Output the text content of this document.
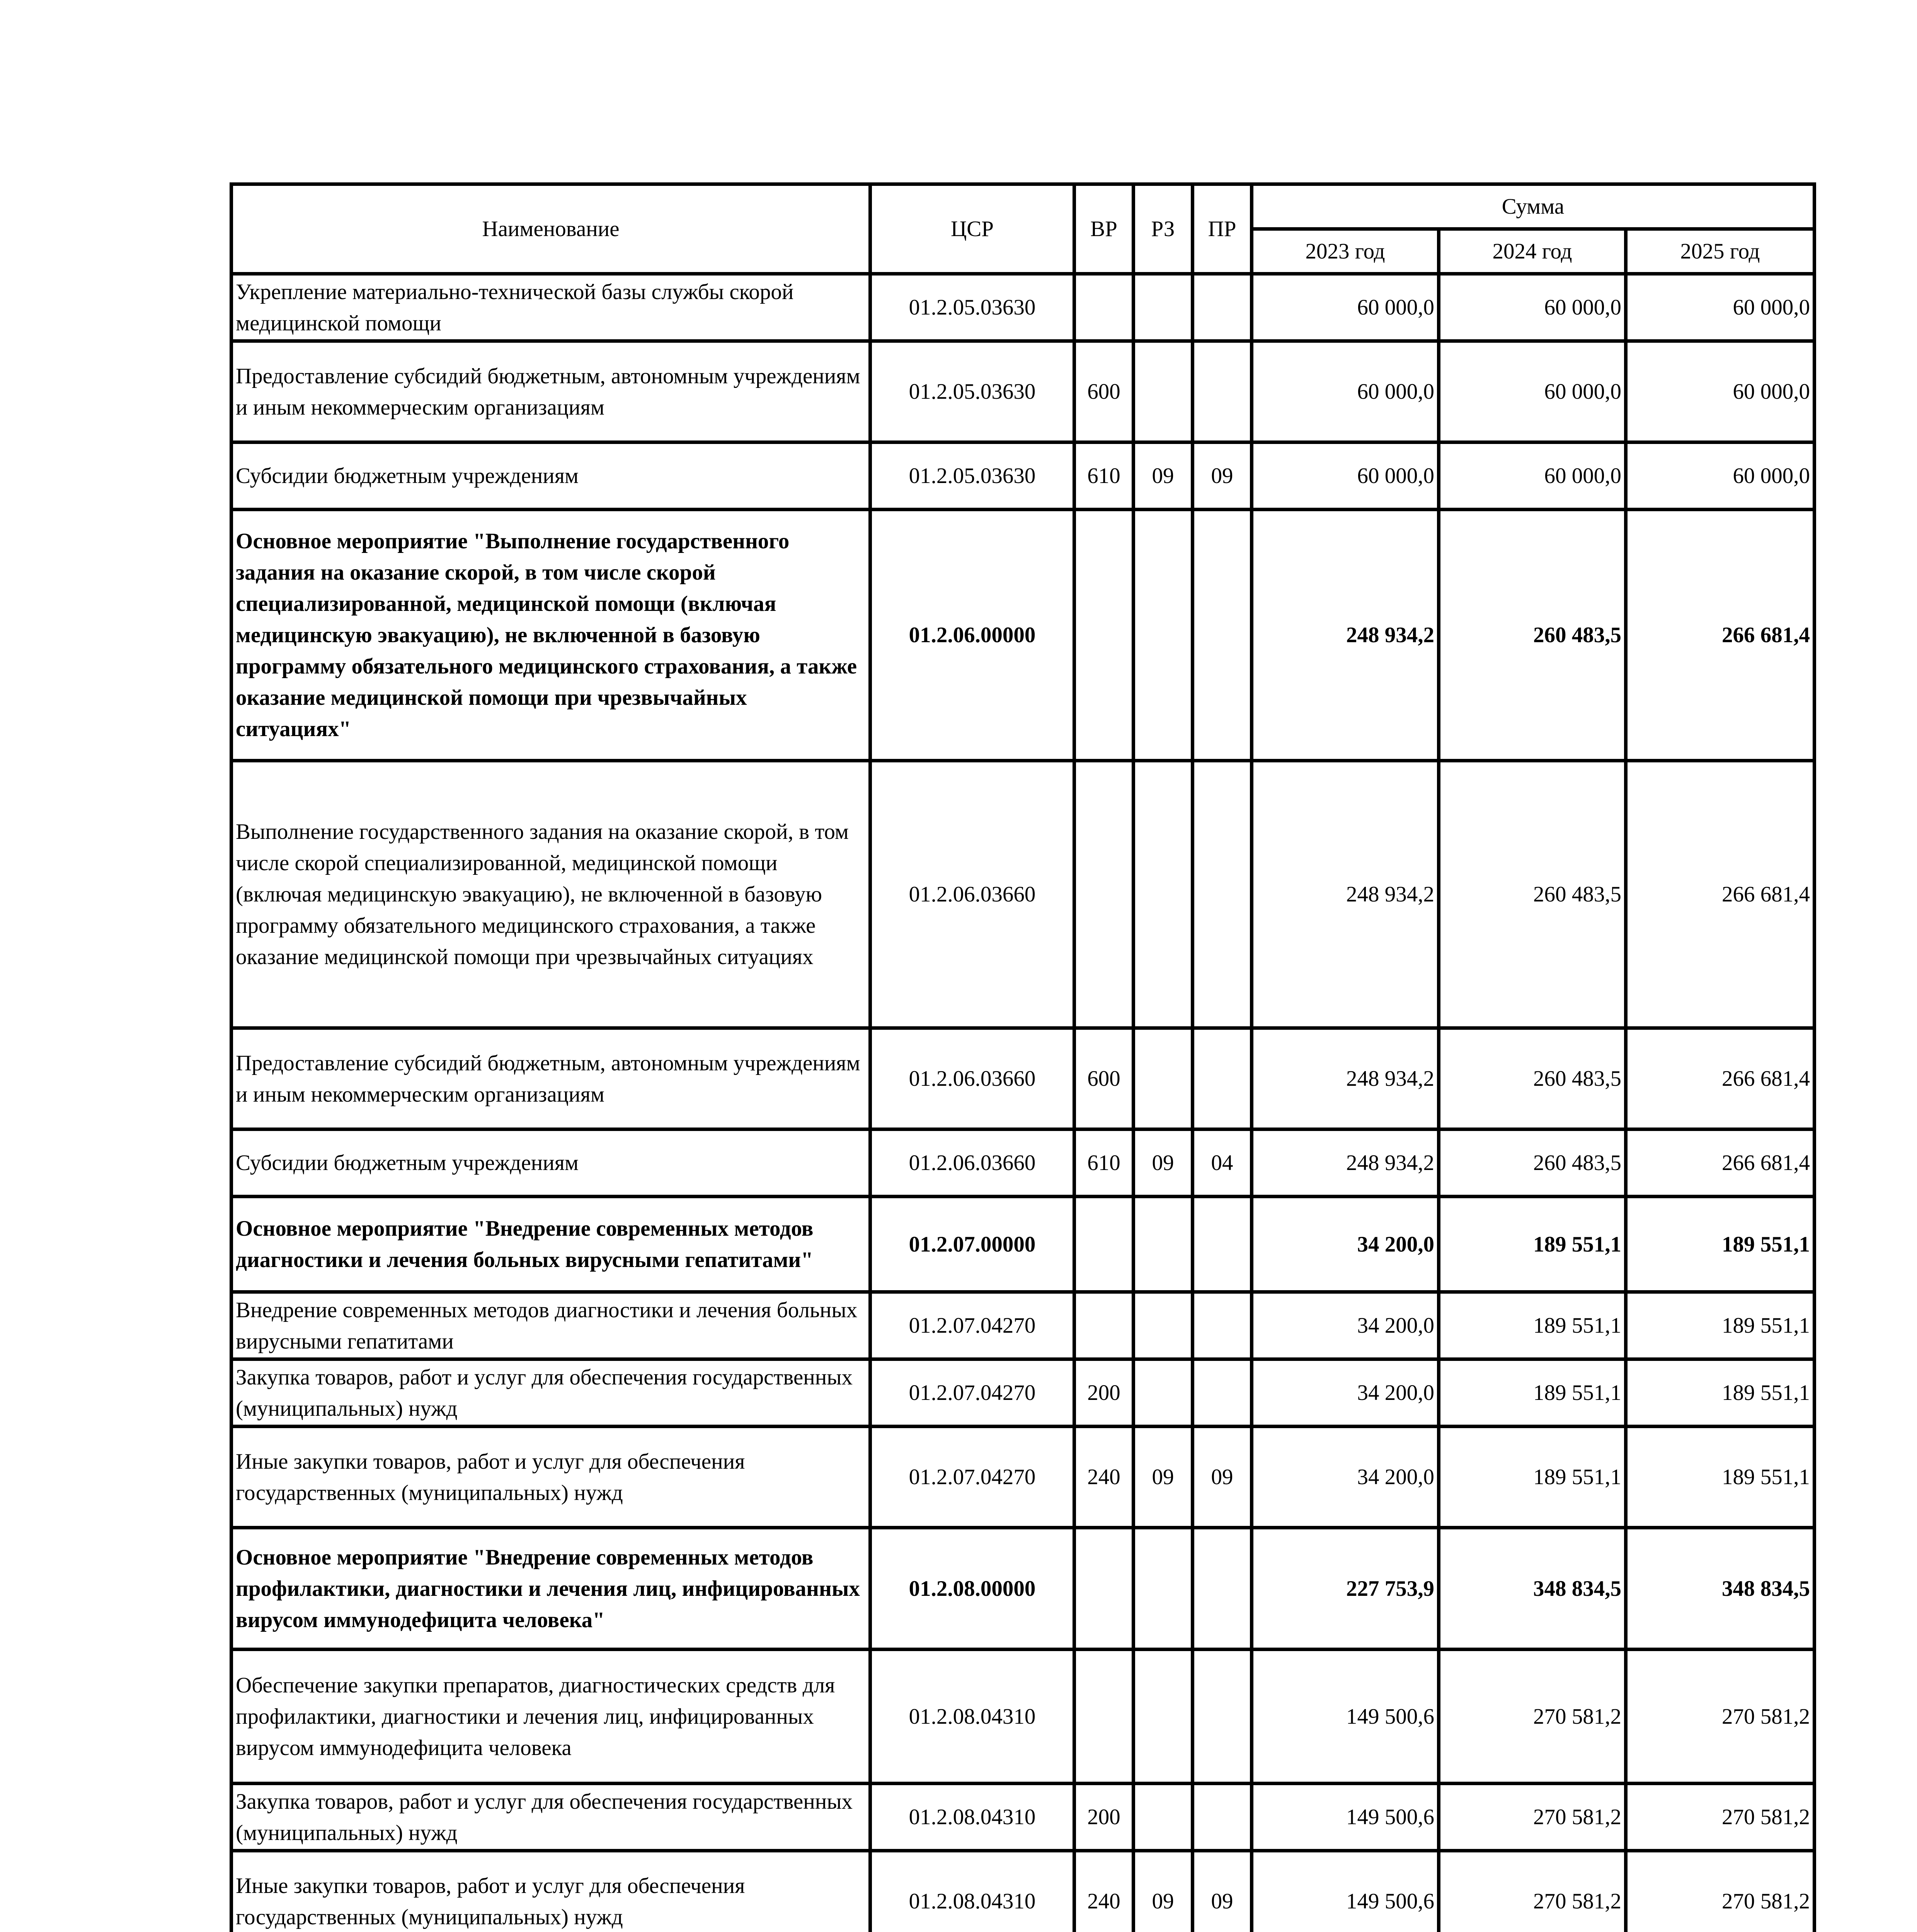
Наименование	ЦСР	ВР	РЗ	ПР	Сумма		
					2023 год	2024 год	2025 год
Укрепление материально-технической базы службы скорой медицинской помощи	01.2.05.03630				60 000,0	60 000,0	60 000,0
Предоставление субсидий бюджетным, автономным учреждениям и иным некоммерческим организациям	01.2.05.03630	600			60 000,0	60 000,0	60 000,0
Субсидии бюджетным учреждениям	01.2.05.03630	610	09	09	60 000,0	60 000,0	60 000,0
Основное мероприятие "Выполнение государственного задания на оказание скорой, в том числе скорой специализированной, медицинской помощи (включая медицинскую эвакуацию), не включенной в базовую программу обязательного медицинского страхования, а также оказание медицинской помощи при чрезвычайных ситуациях"	01.2.06.00000				248 934,2	260 483,5	266 681,4
Выполнение государственного задания на оказание скорой, в том числе скорой специализированной, медицинской помощи (включая медицинскую эвакуацию), не включенной в базовую программу обязательного медицинского страхования, а также оказание медицинской помощи при чрезвычайных ситуациях	01.2.06.03660				248 934,2	260 483,5	266 681,4
Предоставление субсидий бюджетным, автономным учреждениям и иным некоммерческим организациям	01.2.06.03660	600			248 934,2	260 483,5	266 681,4
Субсидии бюджетным учреждениям	01.2.06.03660	610	09	04	248 934,2	260 483,5	266 681,4
Основное мероприятие "Внедрение современных методов диагностики и лечения больных вирусными гепатитами"	01.2.07.00000				34 200,0	189 551,1	189 551,1
Внедрение современных методов диагностики и лечения больных вирусными гепатитами	01.2.07.04270				34 200,0	189 551,1	189 551,1
Закупка товаров, работ и услуг для обеспечения государственных (муниципальных) нужд	01.2.07.04270	200			34 200,0	189 551,1	189 551,1
Иные закупки товаров, работ и услуг для обеспечения государственных (муниципальных) нужд	01.2.07.04270	240	09	09	34 200,0	189 551,1	189 551,1
Основное мероприятие "Внедрение современных методов профилактики, диагностики и лечения лиц, инфицированных вирусом иммунодефицита человека"	01.2.08.00000				227 753,9	348 834,5	348 834,5
Обеспечение закупки препаратов, диагностических средств для профилактики, диагностики и лечения лиц, инфицированных вирусом иммунодефицита человека	01.2.08.04310				149 500,6	270 581,2	270 581,2
Закупка товаров, работ и услуг для обеспечения государственных (муниципальных) нужд	01.2.08.04310	200			149 500,6	270 581,2	270 581,2
Иные закупки товаров, работ и услуг для обеспечения государственных (муниципальных) нужд	01.2.08.04310	240	09	09	149 500,6	270 581,2	270 581,2
